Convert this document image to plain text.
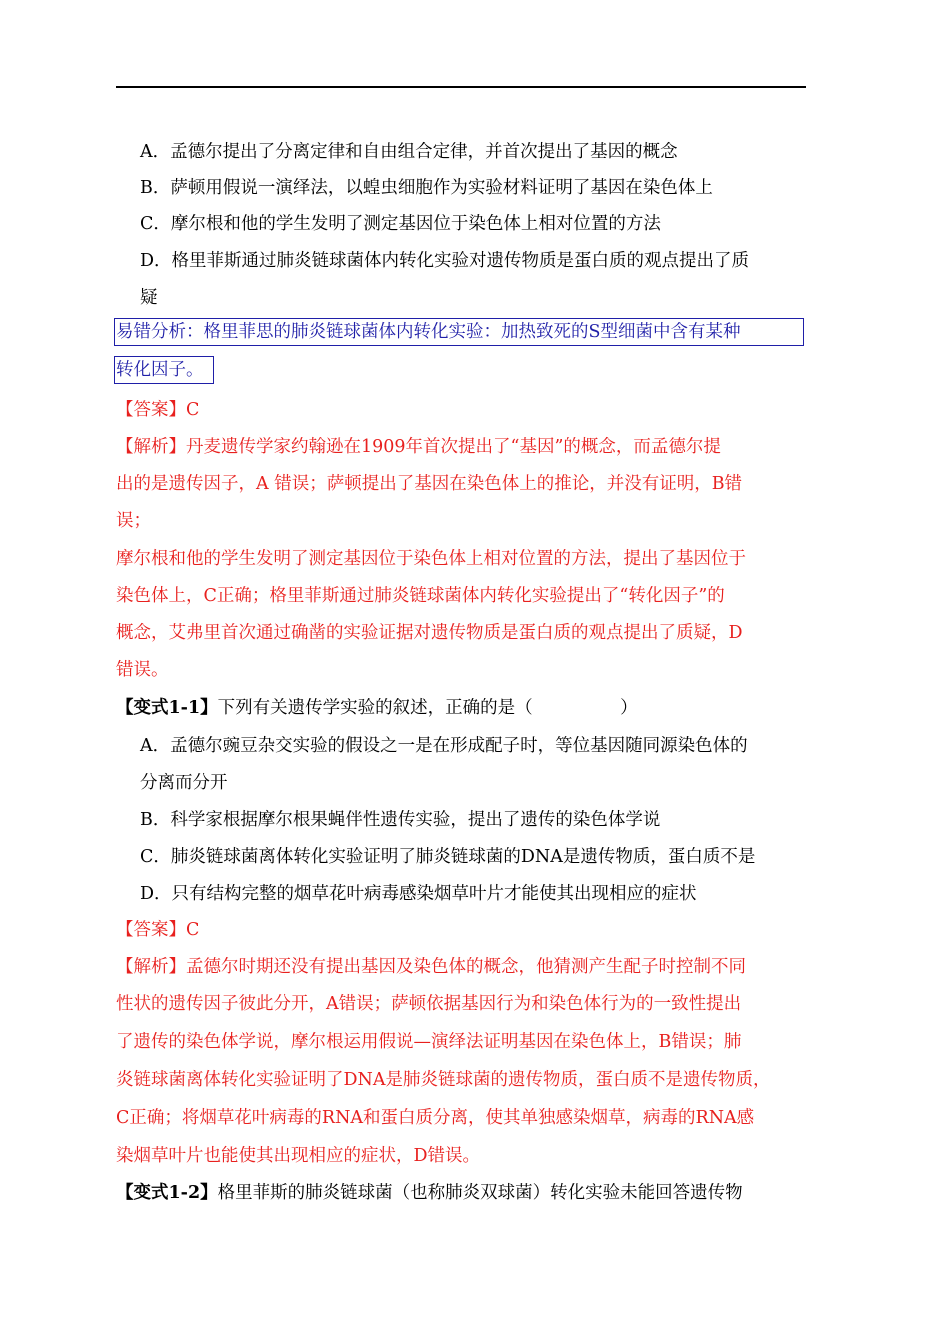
A．孟德尔提出了分离定律和自由组合定律，并首次提出了基因的概念
B．萨顿用假说一演绎法，以蝗虫细胞作为实验材料证明了基因在染色体上
C．摩尔根和他的学生发明了测定基因位于染色体上相对位置的方法
D．格里菲斯通过肺炎链球菌体内转化实验对遗传物质是蛋白质的观点提出了质
疑
易错分析：格里菲思的肺炎链球菌体内转化实验：加热致死的S型细菌中含有某种
转化因子。
【答案】C
【解析】丹麦遗传学家约翰逊在1909年首次提出了“基因”的概念，而孟德尔提
出的是遗传因子，A 错误；萨顿提出了基因在染色体上的推论，并没有证明，B错
误；
摩尔根和他的学生发明了测定基因位于染色体上相对位置的方法，提出了基因位于
染色体上，C正确；格里菲斯通过肺炎链球菌体内转化实验提出了“转化因子”的
概念，艾弗里首次通过确凿的实验证据对遗传物质是蛋白质的观点提出了质疑，D
错误。
【变式1-1】下列有关遗传学实验的叙述，正确的是（　　　　　）
A．孟德尔豌豆杂交实验的假设之一是在形成配子时，等位基因随同源染色体的
分离而分开
B．科学家根据摩尔根果蝇伴性遗传实验，提出了遗传的染色体学说
C．肺炎链球菌离体转化实验证明了肺炎链球菌的DNA是遗传物质，蛋白质不是
D．只有结构完整的烟草花叶病毒感染烟草叶片才能使其出现相应的症状
【答案】C
【解析】孟德尔时期还没有提出基因及染色体的概念，他猜测产生配子时控制不同
性状的遗传因子彼此分开，A错误；萨顿依据基因行为和染色体行为的一致性提出
了遗传的染色体学说，摩尔根运用假说—演绎法证明基因在染色体上，B错误；肺
炎链球菌离体转化实验证明了DNA是肺炎链球菌的遗传物质，蛋白质不是遗传物质，
C正确；将烟草花叶病毒的RNA和蛋白质分离，使其单独感染烟草，病毒的RNA感
染烟草叶片也能使其出现相应的症状，D错误。
【变式1-2】格里菲斯的肺炎链球菌（也称肺炎双球菌）转化实验未能回答遗传物
